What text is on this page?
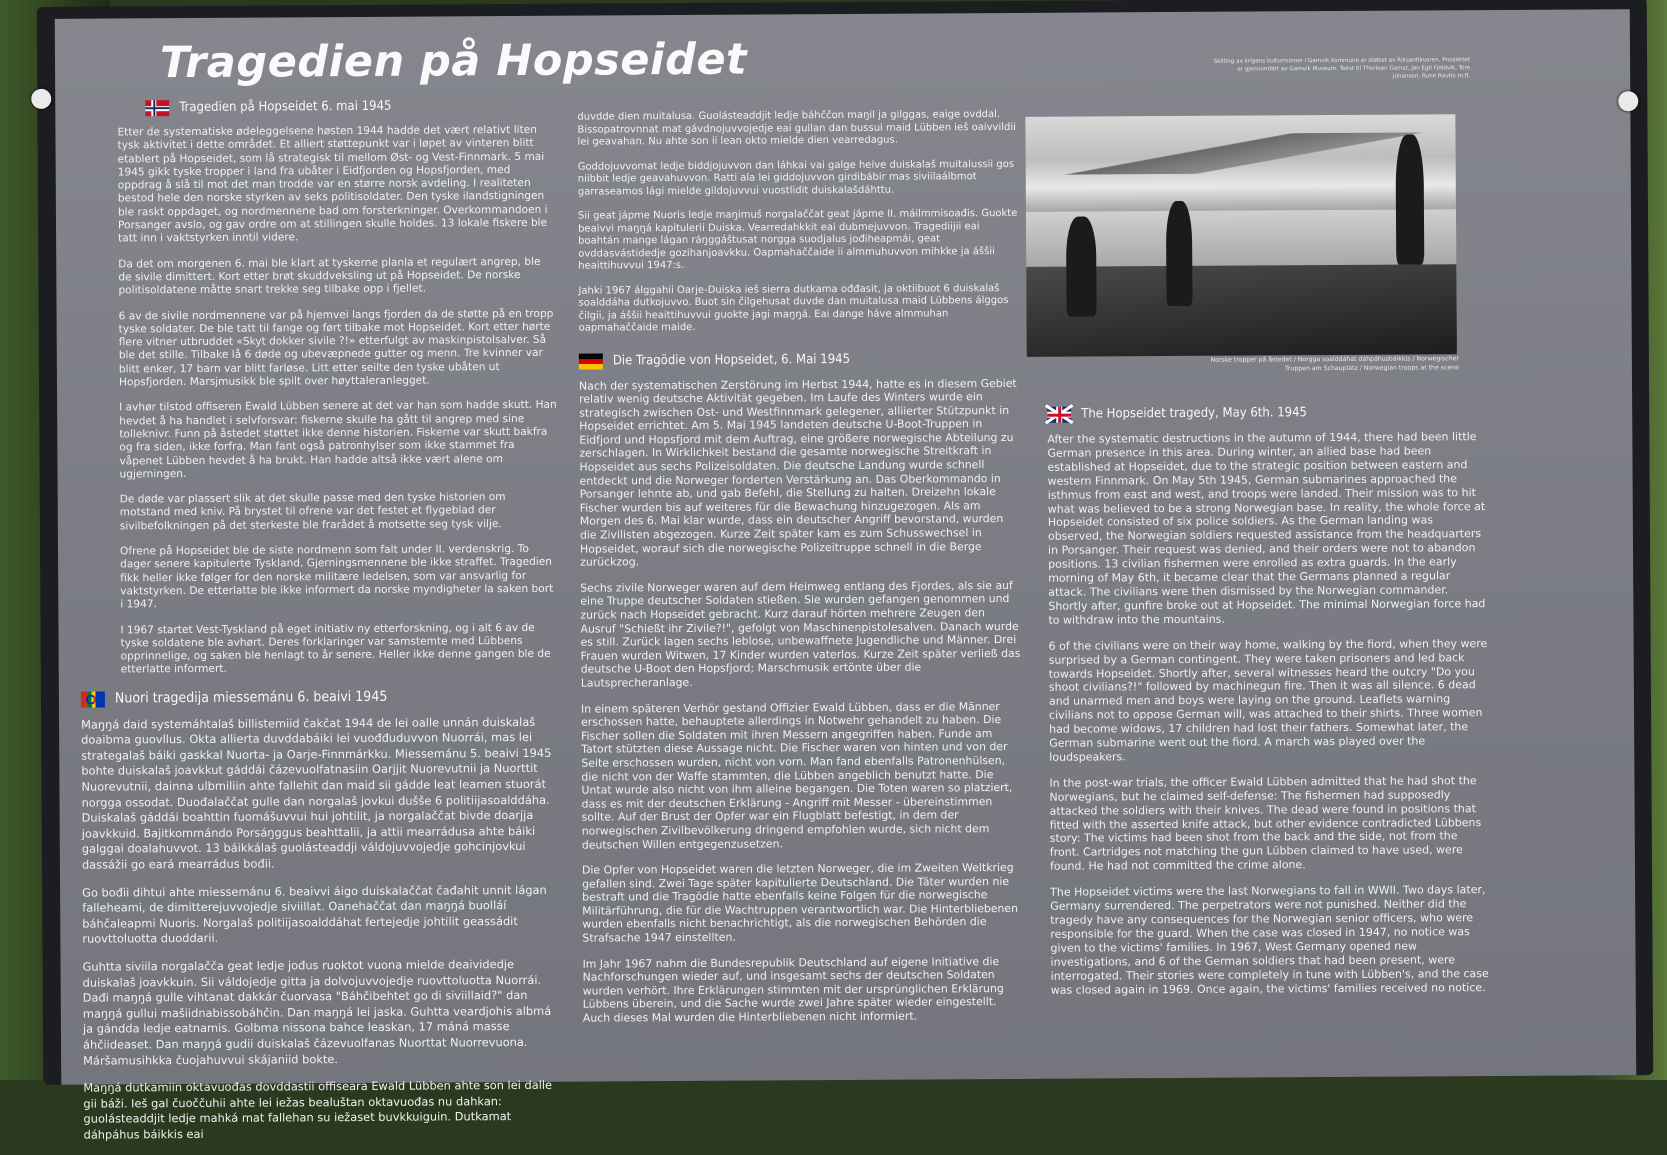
Tragedien på Hopseidet	Skilting av krigens kulturminner i Gamvik kommune er støttet av Riksantikvaren. Prosjektet er gjennomført av Gamvik Museum. Tekst til Thorleen Gamst, Jan Egil Fjeldvik, Tore Johansen, Rune Rautio m.fl.
Tragedien på Hopseidet 6. mai 1945

Etter de systematiske ødeleggelsene høsten 1944 hadde det vært relativt liten tysk aktivitet i dette området. Et alliert støttepunkt var i løpet av vinteren blitt etablert på Hopseidet, som lå strategisk til mellom Øst- og Vest-Finnmark. 5 mai 1945 gikk tyske tropper i land fra ubåter i Eidfjorden og Hopsfjorden, med oppdrag å slå til mot det man trodde var en større norsk avdeling. I realiteten bestod hele den norske styrken av seks politisoldater. Den tyske ilandstigningen ble raskt oppdaget, og nordmennene bad om forsterkninger. Overkommandoen i Porsanger avslo, og gav ordre om at stillingen skulle holdes. 13 lokale fiskere ble tatt inn i vaktstyrken inntil videre.

Da det om morgenen 6. mai ble klart at tyskerne planla et regulært angrep, ble de sivile dimittert. Kort etter brøt skuddveksling ut på Hopseidet. De norske politisoldatene måtte snart trekke seg tilbake opp i fjellet.

6 av de sivile nordmennene var på hjemvei langs fjorden da de støtte på en tropp tyske soldater. De ble tatt til fange og ført tilbake mot Hopseidet. Kort etter hørte flere vitner utbruddet «Skyt dokker sivile ?!» etterfulgt av maskinpistolsalver. Så ble det stille. Tilbake lå 6 døde og ubevæpnede gutter og menn. Tre kvinner var blitt enker, 17 barn var blitt farløse. Litt etter seilte den tyske ubåten ut Hopsfjorden. Marsjmusikk ble spilt over høyttaleranlegget.

I avhør tilstod offiseren Ewald Lübben senere at det var han som hadde skutt. Han hevdet å ha handlet i selvforsvar: fiskerne skulle ha gått til angrep med sine tolleknivr. Funn på åstedet støttet ikke denne historien. Fiskerne var skutt bakfra og fra siden, ikke forfra. Man fant også patronhylser som ikke stammet fra våpenet Lübben hevdet å ha brukt. Han hadde altså ikke vært alene om ugjerningen.

De døde var plassert slik at det skulle passe med den tyske historien om motstand med kniv. På brystet til ofrene var det festet et flygeblad der sivilbefolkningen på det sterkeste ble frarådet å motsette seg tysk vilje.

Ofrene på Hopseidet ble de siste nordmenn som falt under II. verdenskrig. To dager senere kapitulerte Tyskland. Gjerningsmennene ble ikke straffet. Tragedien fikk heller ikke følger for den norske militære ledelsen, som var ansvarlig for vaktstyrken. De etterlatte ble ikke informert da norske myndigheter la saken bort i 1947.

I 1967 startet Vest-Tyskland på eget initiativ ny etterforskning, og i alt 6 av de tyske soldatene ble avhørt. Deres forklaringer var samstemte med Lübbens opprinnelige, og saken ble henlagt to år senere. Heller ikke denne gangen ble de etterlatte informert.

Nuori tragedija miessemánu 6. beaivi 1945

Maŋŋá daid systemáhtalaš billistemiid čakčat 1944 de lei oalle unnán duiskalaš doaibma guovllus. Okta allierta duvddabáiki lei vuođđuduvvon Nuorrái, mas lei strategalaš báiki gaskkal Nuorta- ja Oarje-Finnmárkku. Miessemánu 5. beaivi 1945 bohte duiskalaš joavkkut gáddái čázevuolfatnasiin Oarjjit Nuorevutnii ja Nuorttit Nuorevutnii, dainna ulbmiliin ahte fallehit dan maid sii gádde leat leamen stuorát norgga ossodat. Duođalaččat gulle dan norgalaš jovkui dušše 6 politiijasoalddáha. Duiskalaš gáddái boahttin fuomášuvvui hui johtilit, ja norgalaččat bivde doarjja joavkkuid. Bajitkommándo Porsáŋggus beahttalii, ja attii mearrádusa ahte báiki galggai doalahuvvot. 13 báikkálaš guolásteaddji váldojuvvojedje gohcinjovkui dassážii go eará mearrádus bođii.

Go bođii dihtui ahte miessemánu 6. beaivvi áigo duiskalaččat čađahit unnit lágan falleheami, de dimitterejuvvojedje siviillat. Oanehaččat dan maŋŋá buolláí báhčaleapmi Nuoris. Norgalaš politiijasoalddáhat fertejedje johtilit geassádit ruovttoluotta duoddarii.

Guhtta siviila norgalačča geat ledje jođus ruoktot vuona mielde deaividedje duiskalaš joavkkuin. Sii váldojedje gitta ja dolvojuvvojedje ruovttoluotta Nuorrái. Dađi maŋŋá gulle vihtanat dakkár čuorvasa "Báhčibehtet go di siviillaid?" dan maŋŋá gullui mašiidnabissobáhčin. Dan maŋŋá lei jaska. Guhtta veardjohis albmá ja gándda ledje eatnamis. Golbma nissona bahce leaskan, 17 máná masse áhčiideaset. Dan maŋŋá gudii duiskalaš čázevuolfanas Nuorttat Nuorrevuona. Máršamusihkka čuojahuvvui skájaniid bokte.

Maŋŋá dutkamiin oktavuođas dovddastii offiseara Ewald Lübben ahte son lei dalle gii báži. Ieš gal čuoččuhii ahte lei iežas bealuštan oktavuođas nu dahkan: guolásteaddjit ledje mahká mat fallehan su iežaset buvkkuiguin. Dutkamat dáhpáhus báikkis eai

duvdde dien muitalusa. Guolásteaddjit ledje báhččon maŋil ja gilggas, eaige ovddal. Bissopatrovnnat mat gávdnojuvvojedje eai gullan dan bussui maid Lübben ieš oaivvildii lei geavahan. Nu ahte son ii lean okto mielde dien vearredagus.

Goddojuvvomat ledje biddjojuvvon dan láhkai vai galge heive duiskalaš muitalussii gos niibbit ledje geavahuvvon. Ratti ala lei giddojuvvon girdibábir mas siviilaálbmot garraseamos lági mielde gildojuvvui vuostlidit duiskalašdáhttu.

Sii geat jápme Nuoris ledje maŋimuš norgalaččat geat jápme II. máilmmisoađis. Guokte beaivvi maŋŋá kapitulerii Duiska. Vearredahkkit eai dubmejuvvon. Tragediijii eai boahtán mange lágan ráŋggáštusat norgga suodjalus jođiheapmái, geat ovddasvástidedje gozihanjoavkku. Oapmahaččaide ii almmuhuvvon mihkke ja áššii heaittihuvvui 1947:s.

Jahki 1967 álggahii Oarje-Duiska ieš sierra dutkama ođđasit, ja oktiibuot 6 duiskalaš soalddáha dutkojuvvo. Buot sin čilgehusat duvde dan muitalusa maid Lübbens álggos čilgii, ja áššii heaittihuvvui guokte jagi maŋŋá. Eai dange háve almmuhan oapmahaččaide maide.

Die Tragödie von Hopseidet, 6. Mai 1945

Nach der systematischen Zerstörung im Herbst 1944, hatte es in diesem Gebiet relativ wenig deutsche Aktivität gegeben. Im Laufe des Winters wurde ein strategisch zwischen Ost- und Westfinnmark gelegener, alliierter Stützpunkt in Hopseidet errichtet. Am 5. Mai 1945 landeten deutsche U-Boot-Truppen in Eidfjord und Hopsfjord mit dem Auftrag, eine größere norwegische Abteilung zu zerschlagen. In Wirklichkeit bestand die gesamte norwegische Streitkraft in Hopseidet aus sechs Polizeisoldaten. Die deutsche Landung wurde schnell entdeckt und die Norweger forderten Verstärkung an. Das Oberkommando in Porsanger lehnte ab, und gab Befehl, die Stellung zu halten. Dreizehn lokale Fischer wurden bis auf weiteres für die Bewachung hinzugezogen. Als am Morgen des 6. Mai klar wurde, dass ein deutscher Angriff bevorstand, wurden die Zivilisten abgezogen. Kurze Zeit später kam es zum Schusswechsel in Hopseidet, worauf sich die norwegische Polizeitruppe schnell in die Berge zurückzog.

Sechs zivile Norweger waren auf dem Heimweg entlang des Fjordes, als sie auf eine Truppe deutscher Soldaten stießen. Sie wurden gefangen genommen und zurück nach Hopseidet gebracht. Kurz darauf hörten mehrere Zeugen den Ausruf "Schießt ihr Zivile?!", gefolgt von Maschinenpistolesalven. Danach wurde es still. Zurück lagen sechs leblose, unbewaffnete Jugendliche und Männer. Drei Frauen wurden Witwen, 17 Kinder wurden vaterlos. Kurze Zeit später verließ das deutsche U-Boot den Hopsfjord; Marschmusik ertönte über die Lautsprecheranlage.

In einem späteren Verhör gestand Offizier Ewald Lübben, dass er die Männer erschossen hatte, behauptete allerdings in Notwehr gehandelt zu haben. Die Fischer sollen die Soldaten mit ihren Messern angegriffen haben. Funde am Tatort stützten diese Aussage nicht. Die Fischer waren von hinten und von der Seite erschossen wurden, nicht von vorn. Man fand ebenfalls Patronenhülsen, die nicht von der Waffe stammten, die Lübben angeblich benutzt hatte. Die Untat wurde also nicht von ihm alleine begangen. Die Toten waren so platziert, dass es mit der deutschen Erklärung - Angriff mit Messer - übereinstimmen sollte. Auf der Brust der Opfer war ein Flugblatt befestigt, in dem der norwegischen Zivilbevölkerung dringend empfohlen wurde, sich nicht dem deutschen Willen entgegenzusetzen.

Die Opfer von Hopseidet waren die letzten Norweger, die im Zweiten Weltkrieg gefallen sind. Zwei Tage später kapitulierte Deutschland. Die Täter wurden nie bestraft und die Tragödie hatte ebenfalls keine Folgen für die norwegische Militärführung, die für die Wachtruppen verantwortlich war. Die Hinterbliebenen wurden ebenfalls nicht benachrichtigt, als die norwegischen Behörden die Strafsache 1947 einstellten.

Im Jahr 1967 nahm die Bundesrepublik Deutschland auf eigene Initiative die Nachforschungen wieder auf, und insgesamt sechs der deutschen Soldaten wurden verhört. Ihre Erklärungen stimmten mit der ursprünglichen Erklärung Lübbens überein, und die Sache wurde zwei Jahre später wieder eingestellt. Auch dieses Mal wurden die Hinterbliebenen nicht informiert.

Norske tropper på åstedet / Norgga soalddáhat dáhpáhusbáikkis / Norwegischer Truppen am Schauplatz / Norwegian troops at the scene
The Hopseidet tragedy, May 6th. 1945

After the systematic destructions in the autumn of 1944, there had been little German presence in this area. During winter, an allied base had been established at Hopseidet, due to the strategic position between eastern and western Finnmark. On May 5th 1945, German submarines approached the isthmus from east and west, and troops were landed. Their mission was to hit what was believed to be a strong Norwegian base. In reality, the whole force at Hopseidet consisted of six police soldiers. As the German landing was observed, the Norwegian soldiers requested assistance from the headquarters in Porsanger. Their request was denied, and their orders were not to abandon positions. 13 civilian fishermen were enrolled as extra guards. In the early morning of May 6th, it became clear that the Germans planned a regular attack. The civilians were then dismissed by the Norwegian commander. Shortly after, gunfire broke out at Hopseidet. The minimal Norwegian force had to withdraw into the mountains.

6 of the civilians were on their way home, walking by the fiord, when they were surprised by a German contingent. They were taken prisoners and led back towards Hopseidet. Shortly after, several witnesses heard the outcry "Do you shoot civilians?!" followed by machinegun fire. Then it was all silence. 6 dead and unarmed men and boys were laying on the ground. Leaflets warning civilians not to oppose German will, was attached to their shirts. Three women had become widows, 17 children had lost their fathers. Somewhat later, the German submarine went out the fiord. A march was played over the loudspeakers.

In the post-war trials, the officer Ewald Lübben admitted that he had shot the Norwegians, but he claimed self-defense: The fishermen had supposedly attacked the soldiers with their knives. The dead were found in positions that fitted with the asserted knife attack, but other evidence contradicted Lübbens story: The victims had been shot from the back and the side, not from the front. Cartridges not matching the gun Lübben claimed to have used, were found. He had not committed the crime alone.

The Hopseidet victims were the last Norwegians to fall in WWII. Two days later, Germany surrendered. The perpetrators were not punished. Neither did the tragedy have any consequences for the Norwegian senior officers, who were responsible for the guard. When the case was closed in 1947, no notice was given to the victims' families. In 1967, West Germany opened new investigations, and 6 of the German soldiers that had been present, were interrogated. Their stories were completely in tune with Lübben's, and the case was closed again in 1969. Once again, the victims' families received no notice.
